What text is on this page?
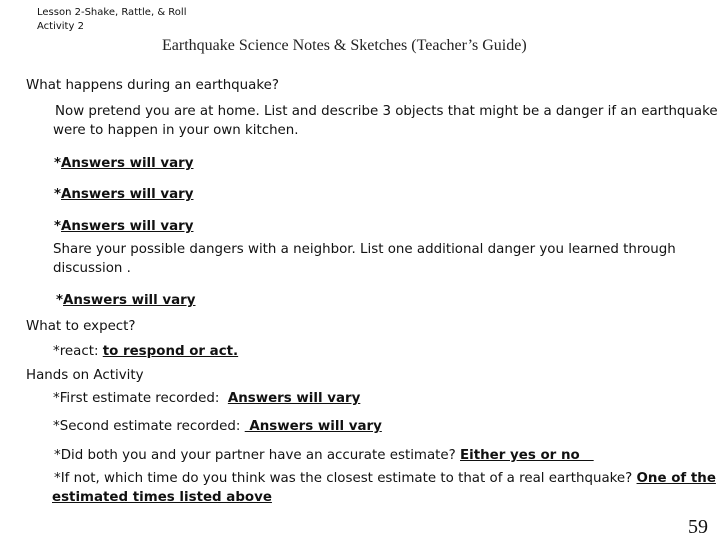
Lesson 2-Shake, Rattle, & Roll
Activity 2
Earthquake Science Notes & Sketches (Teacher’s Guide)
What happens during an earthquake?
Now pretend you are at home. List and describe 3 objects that might be a danger if an earthquake
were to happen in your own kitchen.
*Answers will vary
*Answers will vary
*Answers will vary
Share your possible dangers with a neighbor. List one additional danger you learned through
discussion .
*Answers will vary
What to expect?
*react: to respond or act.
Hands on Activity
*First estimate recorded:  Answers will vary
*Second estimate recorded:  Answers will vary
*Did both you and your partner have an accurate estimate? Either yes or no
*If not, which time do you think was the closest estimate to that of a real earthquake? One of the
estimated times listed above
59
